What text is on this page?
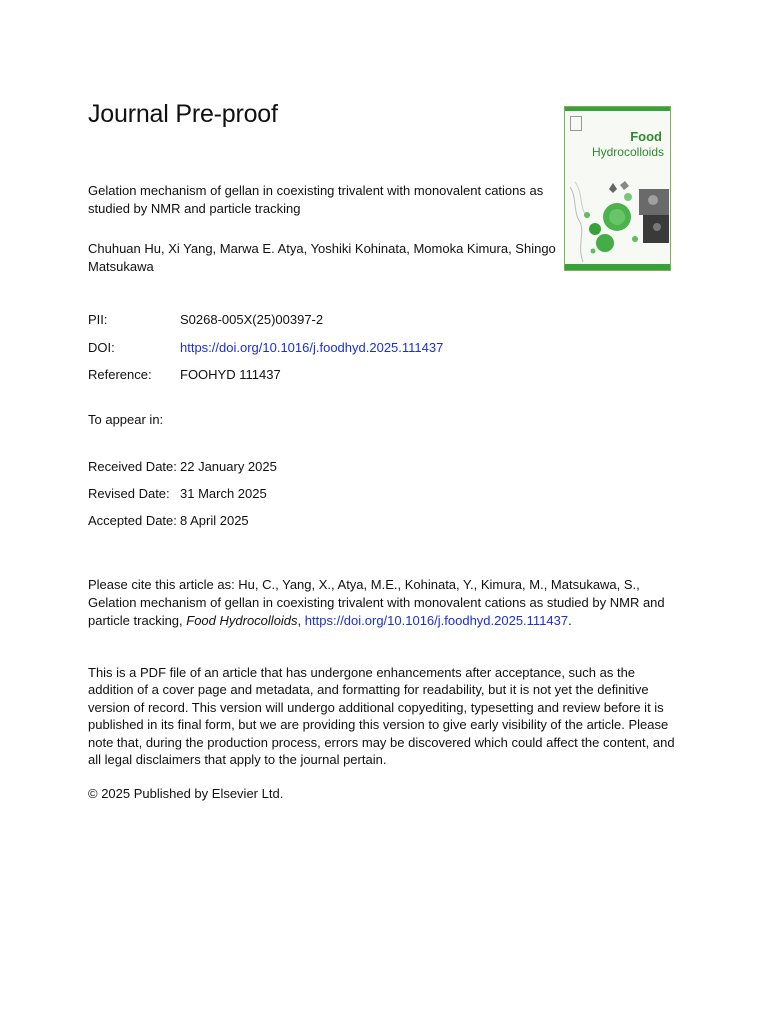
Journal Pre-proof
Food
Hydrocolloids
Gelation mechanism of gellan in coexisting trivalent with monovalent cations as studied by NMR and particle tracking
Chuhuan Hu, Xi Yang, Marwa E. Atya, Yoshiki Kohinata, Momoka Kimura, Shingo Matsukawa
PII:	S0268-005X(25)00397-2
DOI:	https://doi.org/10.1016/j.foodhyd.2025.111437
Reference: FOOHYD 111437
To appear in:
Received Date: 22 January 2025
Revised Date: 31 March 2025
Accepted Date: 8 April 2025
Please cite this article as: Hu, C., Yang, X., Atya, M.E., Kohinata, Y., Kimura, M., Matsukawa, S., Gelation mechanism of gellan in coexisting trivalent with monovalent cations as studied by NMR and particle tracking, Food Hydrocolloids, https://doi.org/10.1016/j.foodhyd.2025.111437.
This is a PDF file of an article that has undergone enhancements after acceptance, such as the addition of a cover page and metadata, and formatting for readability, but it is not yet the definitive version of record. This version will undergo additional copyediting, typesetting and review before it is published in its final form, but we are providing this version to give early visibility of the article. Please note that, during the production process, errors may be discovered which could affect the content, and all legal disclaimers that apply to the journal pertain.
© 2025 Published by Elsevier Ltd.
